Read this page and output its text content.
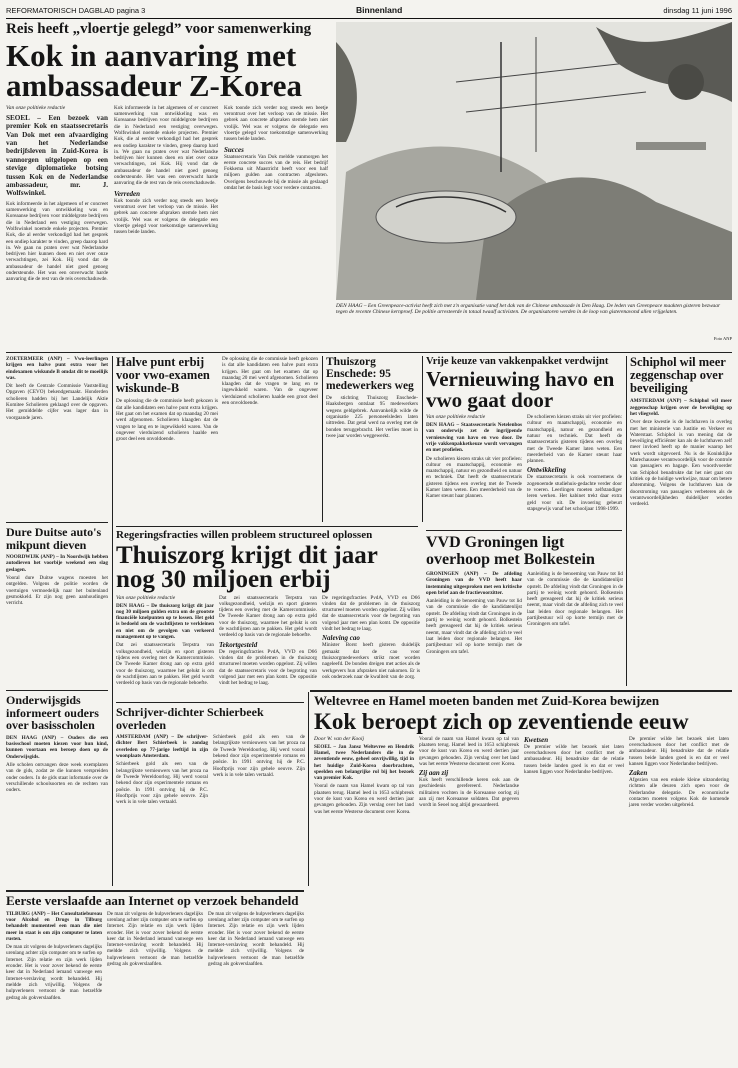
REFORMATORISCH DAGBLAD pagina 3	Binnenland	dinsdag 11 juni 1996
Reis heeft „vloertje gelegd” voor samenwerking
Kok in aanvaring met ambassadeur Z-Korea
Van onze politieke redactie
SEOEL – Een bezoek van premier Kok en staatssecretaris Van Dok met een afvaardiging van het Nederlandse bedrijfsleven in Zuid-Korea is vannorgen uitgelopen op een stevige diplomatieke botsing tussen Kok en de Nederlandse ambassadeur, mr. J. Wolfswinkel.
Kok informeerde in het algemeen of er concreet samenwerking van ontwikkeling was en Koreaanse bedrijven voor middelgrote bedrijven die in Nederland een vestiging overwegen. Wolfswinkel noemde enkele projecten. Premier Kok, die al eerder verkondigd had het gesprek een ondiep karakter te vinden, greep daarop hard in. We gaan nu praten over wat Nederlandse bedrijven hier kunnen doen en niet over onze verwachtingen, zei Kok. Hij vond dat de ambassadeur de handel niet goed genoeg ondersteunde. Het was een onverwacht harde aanvaring die de rest van de reis overschaduwde.
Kok informeerde in het algemeen of er concreet samenwerking van ontwikkeling was en Koreaanse bedrijven voor middelgrote bedrijven die in Nederland een vestiging overwegen. Wolfswinkel noemde enkele projecten. Premier Kok, die al eerder verkondigd had het gesprek een ondiep karakter te vinden, greep daarop hard in. We gaan nu praten over wat Nederlandse bedrijven hier kunnen doen en niet over onze verwachtingen, zei Kok. Hij vond dat de ambassadeur de handel niet goed genoeg ondersteunde. Het was een onverwacht harde aanvaring die de rest van de reis overschaduwde.
Verreden
Kok toonde zich verder nog steeds een beetje verontrust over het verloop van de missie. Het gebrek aan concrete afspraken stemde hem niet vrolijk. Wel was er volgens de delegatie een vloertje gelegd voor toekomstige samenwerking tussen beide landen.
Kok toonde zich verder nog steeds een beetje verontrust over het verloop van de missie. Het gebrek aan concrete afspraken stemde hem niet vrolijk. Wel was er volgens de delegatie een vloertje gelegd voor toekomstige samenwerking tussen beide landen.
Succes
Staatssecretaris Van Dok meldde vanmorgen het eerste concrete succes van de reis. Het bedrijf Fokkema uit Maastricht heeft voor een half miljoen gulden aan contracten afgesloten. Overigens beschouwde hij de missie als geslaagd omdat het de basis legt voor verdere contacten.
DEN HAAG – Een Greenpeace-activist heeft zich met z'n organisatie vanaf het dak van de Chinese ambassade in Den Haag. De leden van Greenpeace maakten gisteren bezwaar tegen de recente Chinese kernproef. De politie arresteerde in totaal twaalf activisten. De organisatoren werden in de loop van gisterenavond allen vrijgelaten.
Foto ANP
ZOETERMEER (ANP) – Vwo-leerlingen krijgen een halve punt extra voor het eindexamen wiskunde B omdat dit te moeilijk was.
Dit heeft de Centrale Commissie Vaststelling Opgaven (CEVO) bekendgemaakt. Honderden scholieren hadden bij het Landelijk Aktie Komitee Scholieren geklaagd over de opgaven. Het gemiddelde cijfer was lager dan in voorgaande jaren.
Dure Duitse auto's mikpunt dieven
NOORDWIJK (ANP) – In Noordwijk hebben autodieven het voorbije weekend een slag geslagen.
Vooral dure Duitse wagens moesten het ontgelden. Volgens de politie worden de voertuigen vermoedelijk naar het buitenland gesmokkeld. Er zijn nog geen aanhoudingen verricht.
Onderwijsgids informeert ouders over basisscholen
DEN HAAG (ANP) – Ouders die een basisschool moeten kiezen voor hun kind, kunnen voortaan een beroep doen op de Onderwijsgids.
Alle scholen ontvangen deze week exemplaren van de gids, zodat ze die kunnen verspreiden onder ouders. In de gids staat informatie over de verschillende schoolsoorten en de rechten van ouders.
Halve punt erbij voor vwo-examen wiskunde-B
De oplossing die de commissie heeft gekozen is dat alle kandidaten een halve punt extra krijgen. Het gaat om het examen dat op maandag 20 mei werd afgenomen. Scholieren klaagden dat de vragen te lang en te ingewikkeld waren. Van de ongeveer vierduizend scholieren haalde een groot deel een onvoldoende.
De oplossing die de commissie heeft gekozen is dat alle kandidaten een halve punt extra krijgen. Het gaat om het examen dat op maandag 20 mei werd afgenomen. Scholieren klaagden dat de vragen te lang en te ingewikkeld waren. Van de ongeveer vierduizend scholieren haalde een groot deel een onvoldoende.
Thuiszorg Enschede: 95 medewerkers weg
De stichting Thuiszorg Enschede-Haaksbergen ontslaat 95 medewerkers wegens geldgebrek. Aanvankelijk wilde de organisatie 225 personeelsleden laten uittreden. Dat getal werd na overleg met de bonden teruggebracht. Het verlies moet in twee jaar worden weggewerkt.
Vrije keuze van vakkenpakket verdwijnt
Vernieuwing havo en vwo gaat door
Van onze politieke redactie
DEN HAAG – Staatssecretaris Netelenbos van onderwijs zet de ingrijpende vernieuwing van havo en vwo door. De vrije vakkenpakketkeuze wordt vervangen en met profielen.
De scholieren kiezen straks uit vier profielen: cultuur en maatschappij, economie en maatschappij, natuur en gezondheid en natuur en techniek. Dat heeft de staatssecretaris gisteren tijdens een overleg met de Tweede Kamer laten weten. Een meerderheid van de Kamer steunt haar plannen.
De scholieren kiezen straks uit vier profielen: cultuur en maatschappij, economie en maatschappij, natuur en gezondheid en natuur en techniek. Dat heeft de staatssecretaris gisteren tijdens een overleg met de Tweede Kamer laten weten. Een meerderheid van de Kamer steunt haar plannen.
Ontwikkeling
De staatssecretaris is ook voornemens de zogenoemde studiehuis-gedachte verder door te voeren. Leerlingen moeten zelfstandiger leren werken. Het kabinet trekt daar extra geld voor uit. De invoering gebeurt stapsgewijs vanaf het schooljaar 1998-1999.
Schiphol wil meer zeggenschap over beveiliging
AMSTERDAM (ANP) – Schiphol wil meer zeggenschap krijgen over de beveiliging op het vliegveld.
Over deze kwestie is de luchthaven in overleg met het ministerie van Justitie en Verkeer en Waterstaat. Schiphol is van mening dat de beveiliging efficiënter kan als de luchthaven zelf meer invloed heeft op de manier waarop het werk wordt uitgevoerd. Nu is de Koninklijke Marechaussee verantwoordelijk voor de controle van passagiers en bagage. Een woordvoerder van Schiphol benadrukte dat het niet gaat om kritiek op de huidige werkwijze, maar om betere afstemming. Volgens de luchthaven kan de doorstroming van passagiers verbeteren als de verantwoordelijkheden duidelijker worden verdeeld.
Regeringsfracties willen probleem structureel oplossen
Thuiszorg krijgt dit jaar nog 30 miljoen erbij
Van onze politieke redactie
DEN HAAG – De thuiszorg krijgt dit jaar nog 30 miljoen gulden extra om de grootste financiële knelpunten op te lossen. Het geld is bedoeld om de wachtlijsten te verkleinen en niet om de gevolgen van verkeerd management op te vangen.
Dat zei staatssecretaris Terpstra van volksgezondheid, welzijn en sport gisteren tijdens een overleg met de Kamercommissie. De Tweede Kamer drong aan op extra geld voor de thuiszorg, waarmee het gelukt is om de wachtlijsten aan te pakken. Het geld wordt verdeeld op basis van de regionale behoefte.
Dat zei staatssecretaris Terpstra van volksgezondheid, welzijn en sport gisteren tijdens een overleg met de Kamercommissie. De Tweede Kamer drong aan op extra geld voor de thuiszorg, waarmee het gelukt is om de wachtlijsten aan te pakken. Het geld wordt verdeeld op basis van de regionale behoefte.
Tekortgesteld
De regeringsfracties PvdA, VVD en D66 vinden dat de problemen in de thuiszorg structureel moeten worden opgelost. Zij willen dat de staatssecretaris voor de begroting van volgend jaar met een plan komt. De oppositie vindt het bedrag te laag.
De regeringsfracties PvdA, VVD en D66 vinden dat de problemen in de thuiszorg structureel moeten worden opgelost. Zij willen dat de staatssecretaris voor de begroting van volgend jaar met een plan komt. De oppositie vindt het bedrag te laag.
Naleving cao
Minister Borst heeft gisteren duidelijk gemaakt dat de cao voor thuiszorgmedewerkers strikt moet worden nageleefd. De bonden dreigen met acties als de werkgevers hun afspraken niet nakomen. Er is ook onderzoek naar de kwaliteit van de zorg.
VVD Groningen ligt overhoop met Bolkestein
GRONINGEN (ANP) – De afdeling Groningen van de VVD heeft haar instemming uitgesproken met een kritische open brief aan de fractievoorzitter.
Aanleiding is de benoeming van Pauw tot lid van de commissie die de kandidatenlijst opstelt. De afdeling vindt dat Groningen in de partij te weinig wordt gehoord. Bolkestein heeft gereageerd dat hij de kritiek serieus neemt, maar vindt dat de afdeling zich te veel laat leiden door regionale belangen. Het partijbestuur wil op korte termijn met de Groningers om tafel.
Aanleiding is de benoeming van Pauw tot lid van de commissie die de kandidatenlijst opstelt. De afdeling vindt dat Groningen in de partij te weinig wordt gehoord. Bolkestein heeft gereageerd dat hij de kritiek serieus neemt, maar vindt dat de afdeling zich te veel laat leiden door regionale belangen. Het partijbestuur wil op korte termijn met de Groningers om tafel.
Schrijver-dichter Schierbeek overleden
AMSTERDAM (ANP) – De schrijver-dichter Bert Schierbeek is zondag overleden op 77-jarige leeftijd in zijn woonplaats Amsterdam.
Schierbeek gold als een van de belangrijkste vernieuwers van het proza na de Tweede Wereldoorlog. Hij werd vooral bekend door zijn experimentele romans en poëzie. In 1991 ontving hij de P.C. Hooftprijs voor zijn gehele oeuvre. Zijn werk is in vele talen vertaald.
Schierbeek gold als een van de belangrijkste vernieuwers van het proza na de Tweede Wereldoorlog. Hij werd vooral bekend door zijn experimentele romans en poëzie. In 1991 ontving hij de P.C. Hooftprijs voor zijn gehele oeuvre. Zijn werk is in vele talen vertaald.
Weltevree en Hamel moeten banden met Zuid-Korea bewijzen
Kok beroept zich op zeventiende eeuw
Door W. van der Kooij
SEOEL – Jan Jansz Weltevree en Hendrik Hamel, twee Nederlanders die in de zeventiende eeuw, geheel onvrijwillig, tijd in het huidige Zuid-Korea doorbrachten, speelden een belangrijke rol bij het bezoek van premier Kok.
Vooral de naam van Hamel kwam op tal van plaatsen terug. Hamel leed in 1653 schipbreuk voor de kust van Korea en werd dertien jaar gevangen gehouden. Zijn verslag over het land was het eerste Westerse document over Korea.
Vooral de naam van Hamel kwam op tal van plaatsen terug. Hamel leed in 1653 schipbreuk voor de kust van Korea en werd dertien jaar gevangen gehouden. Zijn verslag over het land was het eerste Westerse document over Korea.
Zij aan zij
Kok heeft verschillende keren ook aan de geschiedenis gerefereerd. Nederlandse militairen vochten in de Koreaanse oorlog zij aan zij met Koreaanse soldaten. Dat gegeven wordt in Seoel nog altijd gewaardeerd.
Kwetsen
De premier wilde het bezoek niet laten overschaduwen door het conflict met de ambassadeur. Hij benadrukte dat de relatie tussen beide landen goed is en dat er veel kansen liggen voor Nederlandse bedrijven.
De premier wilde het bezoek niet laten overschaduwen door het conflict met de ambassadeur. Hij benadrukte dat de relatie tussen beide landen goed is en dat er veel kansen liggen voor Nederlandse bedrijven.
Zaken
Afgezien van een enkele kleine uitzondering richtten alle deuren zich open voor de Nederlandse delegatie. De economische contacten moeten volgens Kok de komende jaren verder worden uitgebreid.
Eerste verslaafde aan Internet op verzoek behandeld
TILBURG (ANP) – Het Consultatiebureau voor Alcohol en Drugs in Tilburg behandelt momenteel een man die niet meer in staat is om zijn computer te laten rusten.
De man zit volgens de hulpverleners dagelijks urenlang achter zijn computer om te surfen op Internet. Zijn relatie en zijn werk lijden eronder. Het is voor zover bekend de eerste keer dat in Nederland iemand vanwege een Internet-verslaving wordt behandeld. Hij meldde zich vrijwillig. Volgens de hulpverleners vertoont de man hetzelfde gedrag als gokverslaafden.
De man zit volgens de hulpverleners dagelijks urenlang achter zijn computer om te surfen op Internet. Zijn relatie en zijn werk lijden eronder. Het is voor zover bekend de eerste keer dat in Nederland iemand vanwege een Internet-verslaving wordt behandeld. Hij meldde zich vrijwillig. Volgens de hulpverleners vertoont de man hetzelfde gedrag als gokverslaafden.
De man zit volgens de hulpverleners dagelijks urenlang achter zijn computer om te surfen op Internet. Zijn relatie en zijn werk lijden eronder. Het is voor zover bekend de eerste keer dat in Nederland iemand vanwege een Internet-verslaving wordt behandeld. Hij meldde zich vrijwillig. Volgens de hulpverleners vertoont de man hetzelfde gedrag als gokverslaafden.
